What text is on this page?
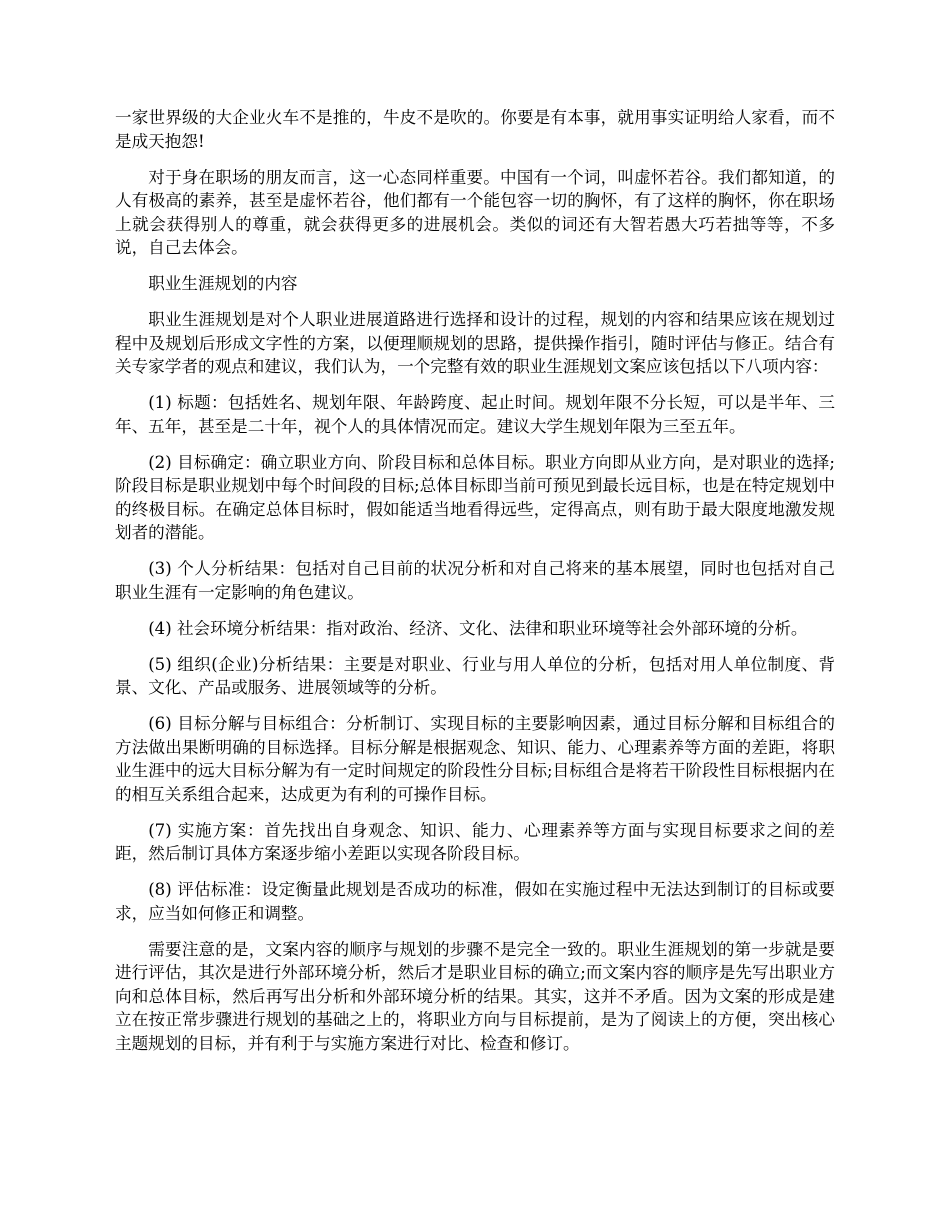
一家世界级的大企业火车不是推的，牛皮不是吹的。你要是有本事，就用事实证明给人家看，而不是成天抱怨!

对于身在职场的朋友而言，这一心态同样重要。中国有一个词，叫虚怀若谷。我们都知道，的人有极高的素养，甚至是虚怀若谷，他们都有一个能包容一切的胸怀，有了这样的胸怀，你在职场上就会获得别人的尊重，就会获得更多的进展机会。类似的词还有大智若愚大巧若拙等等，不多说，自己去体会。

职业生涯规划的内容

职业生涯规划是对个人职业进展道路进行选择和设计的过程，规划的内容和结果应该在规划过程中及规划后形成文字性的方案，以便理顺规划的思路，提供操作指引，随时评估与修正。结合有关专家学者的观点和建议，我们认为，一个完整有效的职业生涯规划文案应该包括以下八项内容：

(1) 标题：包括姓名、规划年限、年龄跨度、起止时间。规划年限不分长短，可以是半年、三年、五年，甚至是二十年，视个人的具体情况而定。建议大学生规划年限为三至五年。

(2) 目标确定：确立职业方向、阶段目标和总体目标。职业方向即从业方向，是对职业的选择;阶段目标是职业规划中每个时间段的目标;总体目标即当前可预见到最长远目标，也是在特定规划中的终极目标。在确定总体目标时，假如能适当地看得远些，定得高点，则有助于最大限度地激发规划者的潜能。

(3) 个人分析结果：包括对自己目前的状况分析和对自己将来的基本展望，同时也包括对自己职业生涯有一定影响的角色建议。

(4) 社会环境分析结果：指对政治、经济、文化、法律和职业环境等社会外部环境的分析。

(5) 组织(企业)分析结果：主要是对职业、行业与用人单位的分析，包括对用人单位制度、背景、文化、产品或服务、进展领域等的分析。

(6) 目标分解与目标组合：分析制订、实现目标的主要影响因素，通过目标分解和目标组合的方法做出果断明确的目标选择。目标分解是根据观念、知识、能力、心理素养等方面的差距，将职业生涯中的远大目标分解为有一定时间规定的阶段性分目标;目标组合是将若干阶段性目标根据内在的相互关系组合起来，达成更为有利的可操作目标。

(7) 实施方案：首先找出自身观念、知识、能力、心理素养等方面与实现目标要求之间的差距，然后制订具体方案逐步缩小差距以实现各阶段目标。

(8) 评估标准：设定衡量此规划是否成功的标准，假如在实施过程中无法达到制订的目标或要求，应当如何修正和调整。

需要注意的是，文案内容的顺序与规划的步骤不是完全一致的。职业生涯规划的第一步就是要进行评估，其次是进行外部环境分析，然后才是职业目标的确立;而文案内容的顺序是先写出职业方向和总体目标，然后再写出分析和外部环境分析的结果。其实，这并不矛盾。因为文案的形成是建立在按正常步骤进行规划的基础之上的，将职业方向与目标提前，是为了阅读上的方便，突出核心主题规划的目标，并有利于与实施方案进行对比、检查和修订。
